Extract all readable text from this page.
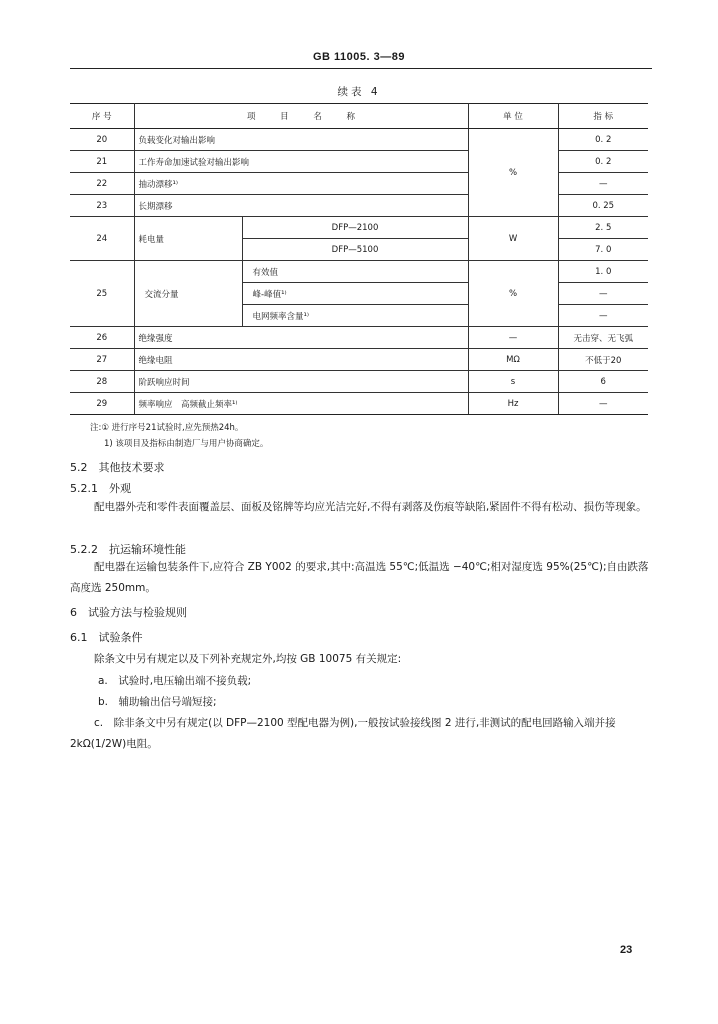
GB 11005. 3—89
续表 4
序 号	项 目 名 称		单 位	指 标
20	负载变化对输出影响		%	0. 2
21	工作寿命加速试验对输出影响			0. 2
22	抽动漂移¹⁾			—
23	长期漂移			0. 25
24	耗电量	DFP—2100	W	2. 5
		DFP—5100		7. 0
25	交流分量	有效值	%	1. 0
		峰-峰值¹⁾		—
		电网频率含量¹⁾		—
26	绝缘强度		—	无击穿、无飞弧
27	绝缘电阻		MΩ	不低于20
28	阶跃响应时间		s	6
29	频率响应　高频截止频率¹⁾		Hz	—
注:① 进行序号21试验时,应先预热24h。
1) 该项目及指标由制造厂与用户协商确定。
5.2　其他技术要求
5.2.1　外观
配电器外壳和零件表面覆盖层、面板及铭牌等均应光洁完好,不得有剥落及伤痕等缺陷,紧固件不得有松动、损伤等现象。
5.2.2　抗运输环境性能
配电器在运输包装条件下,应符合 ZB Y002 的要求,其中:高温选 55℃;低温选 −40℃;相对湿度选 95%(25℃);自由跌落高度选 250mm。
6　试验方法与检验规则
6.1　试验条件
除条文中另有规定以及下列补充规定外,均按 GB 10075 有关规定:
a.　试验时,电压输出端不接负载;
b.　辅助输出信号端短接;
c.　除非条文中另有规定(以 DFP—2100 型配电器为例),一般按试验接线图 2 进行,非测试的配电回路输入端并接2kΩ(1/2W)电阻。
23
